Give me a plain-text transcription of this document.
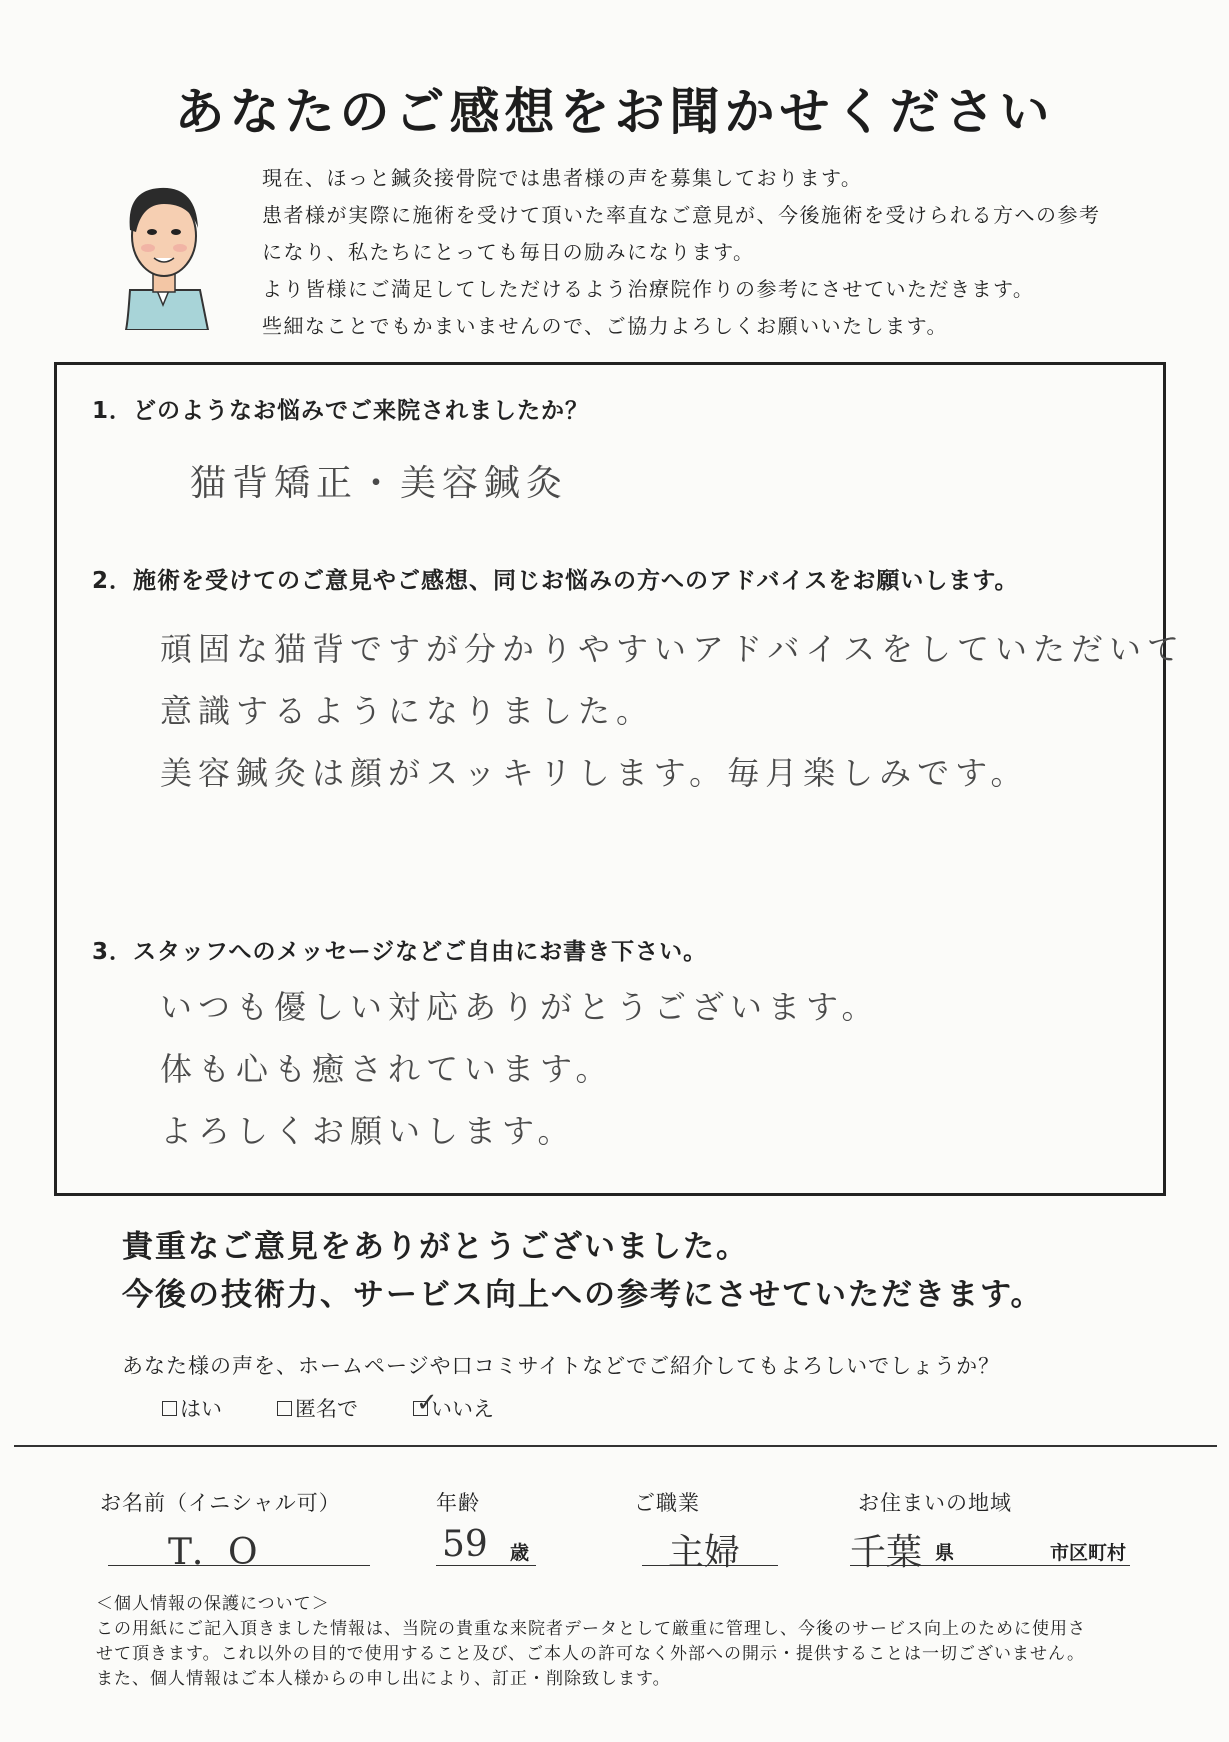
あなたのご感想をお聞かせください
現在、ほっと鍼灸接骨院では患者様の声を募集しております。
患者様が実際に施術を受けて頂いた率直なご意見が、今後施術を受けられる方への参考
になり、私たちにとっても毎日の励みになります。
より皆様にご満足してしただけるよう治療院作りの参考にさせていただきます。
些細なことでもかまいませんので、ご協力よろしくお願いいたします。
1．どのようなお悩みでご来院されましたか？
猫背矯正・美容鍼灸
2．施術を受けてのご意見やご感想、同じお悩みの方へのアドバイスをお願いします。
頑固な猫背ですが分かりやすいアドバイスをしていただいて
意識するようになりました。
美容鍼灸は顔がスッキリします。毎月楽しみです。
3．スタッフへのメッセージなどご自由にお書き下さい。
いつも優しい対応ありがとうございます。
体も心も癒されています。
よろしくお願いします。
貴重なご意見をありがとうございました。
今後の技術力、サービス向上への参考にさせていただきます。
あなた様の声を、ホームページや口コミサイトなどでご紹介してもよろしいでしょうか？
はい	匿名で ✓
いいえ
お名前（イニシャル可）
T．O
年齢
59 歳
ご職業
主婦
お住まいの地域
千葉 県	市区町村
＜個人情報の保護について＞
この用紙にご記入頂きました情報は、当院の貴重な来院者データとして厳重に管理し、今後のサービス向上のために使用さ
せて頂きます。これ以外の目的で使用すること及び、ご本人の許可なく外部への開示・提供することは一切ございません。
また、個人情報はご本人様からの申し出により、訂正・削除致します。
